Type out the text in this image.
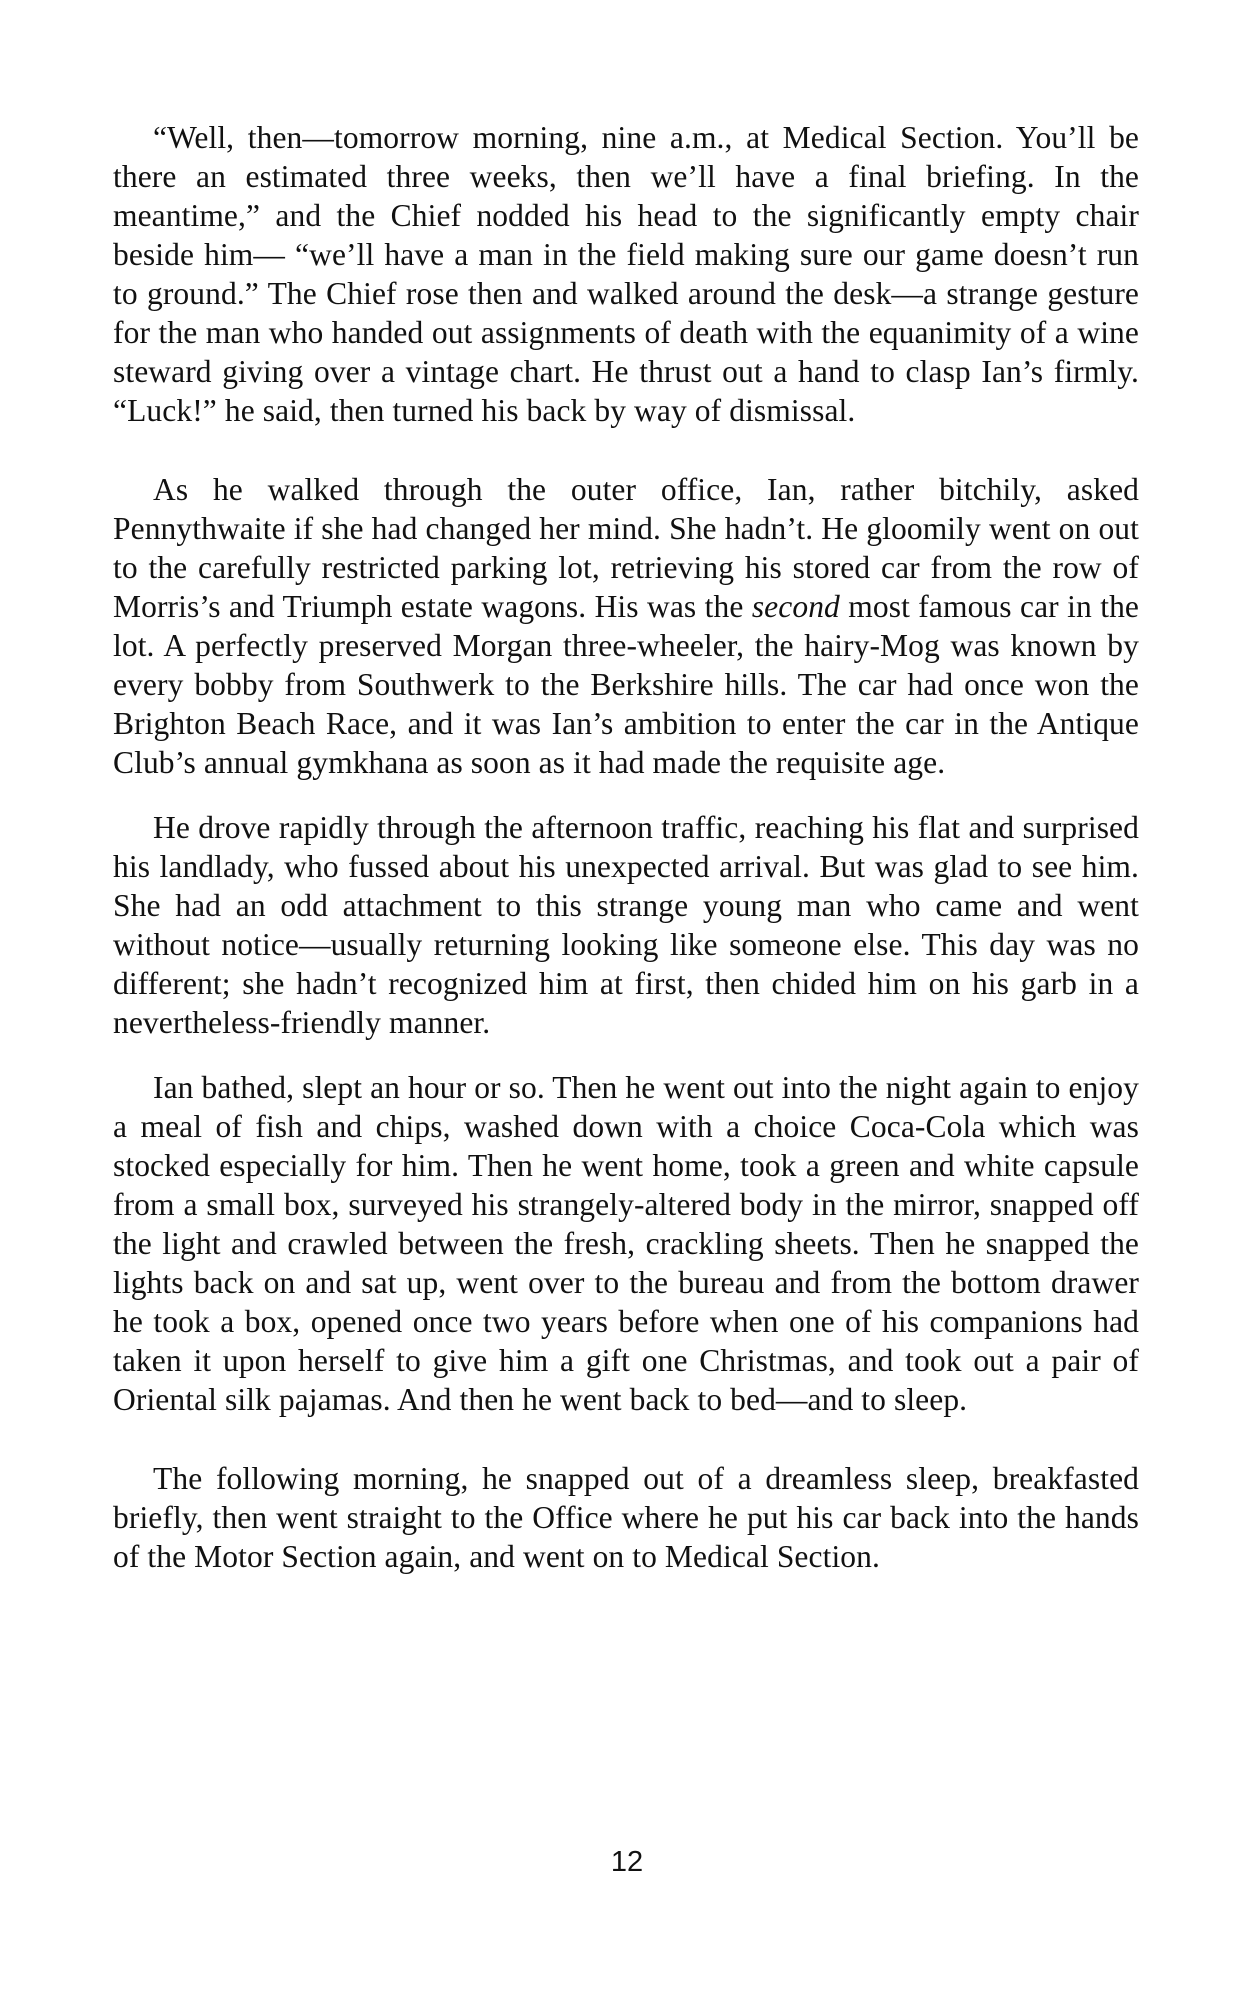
“Well, then—tomorrow morning, nine a.m., at Medical Section. You’ll be there an estimated three weeks, then we’ll have a final briefing. In the meantime,” and the Chief nodded his head to the significantly empty chair beside him— “we’ll have a man in the field making sure our game doesn’t run to ground.” The Chief rose then and walked around the desk—a strange gesture for the man who handed out assignments of death with the equanimity of a wine steward giving over a vintage chart. He thrust out a hand to clasp Ian’s firmly. “Luck!” he said, then turned his back by way of dismissal.

As he walked through the outer office, Ian, rather bitchily, asked Pennythwaite if she had changed her mind. She hadn’t. He gloomily went on out to the carefully restricted parking lot, retrieving his stored car from the row of Morris’s and Triumph estate wagons. His was the second most famous car in the lot. A perfectly preserved Morgan three-wheeler, the hairy-Mog was known by every bobby from Southwerk to the Berkshire hills. The car had once won the Brighton Beach Race, and it was Ian’s ambition to enter the car in the Antique Club’s annual gymkhana as soon as it had made the requisite age.

He drove rapidly through the afternoon traffic, reaching his flat and surprised his landlady, who fussed about his unexpected arrival. But was glad to see him. She had an odd attachment to this strange young man who came and went without notice—usually returning looking like someone else. This day was no different; she hadn’t recognized him at first, then chided him on his garb in a nevertheless-friendly manner.

Ian bathed, slept an hour or so. Then he went out into the night again to enjoy a meal of fish and chips, washed down with a choice Coca-Cola which was stocked especially for him. Then he went home, took a green and white capsule from a small box, surveyed his strangely-altered body in the mirror, snapped off the light and crawled between the fresh, crackling sheets. Then he snapped the lights back on and sat up, went over to the bureau and from the bottom drawer he took a box, opened once two years before when one of his companions had taken it upon herself to give him a gift one Christmas, and took out a pair of Oriental silk pajamas. And then he went back to bed—and to sleep.

The following morning, he snapped out of a dreamless sleep, breakfasted briefly, then went straight to the Office where he put his car back into the hands of the Motor Section again, and went on to Medical Section.

12
